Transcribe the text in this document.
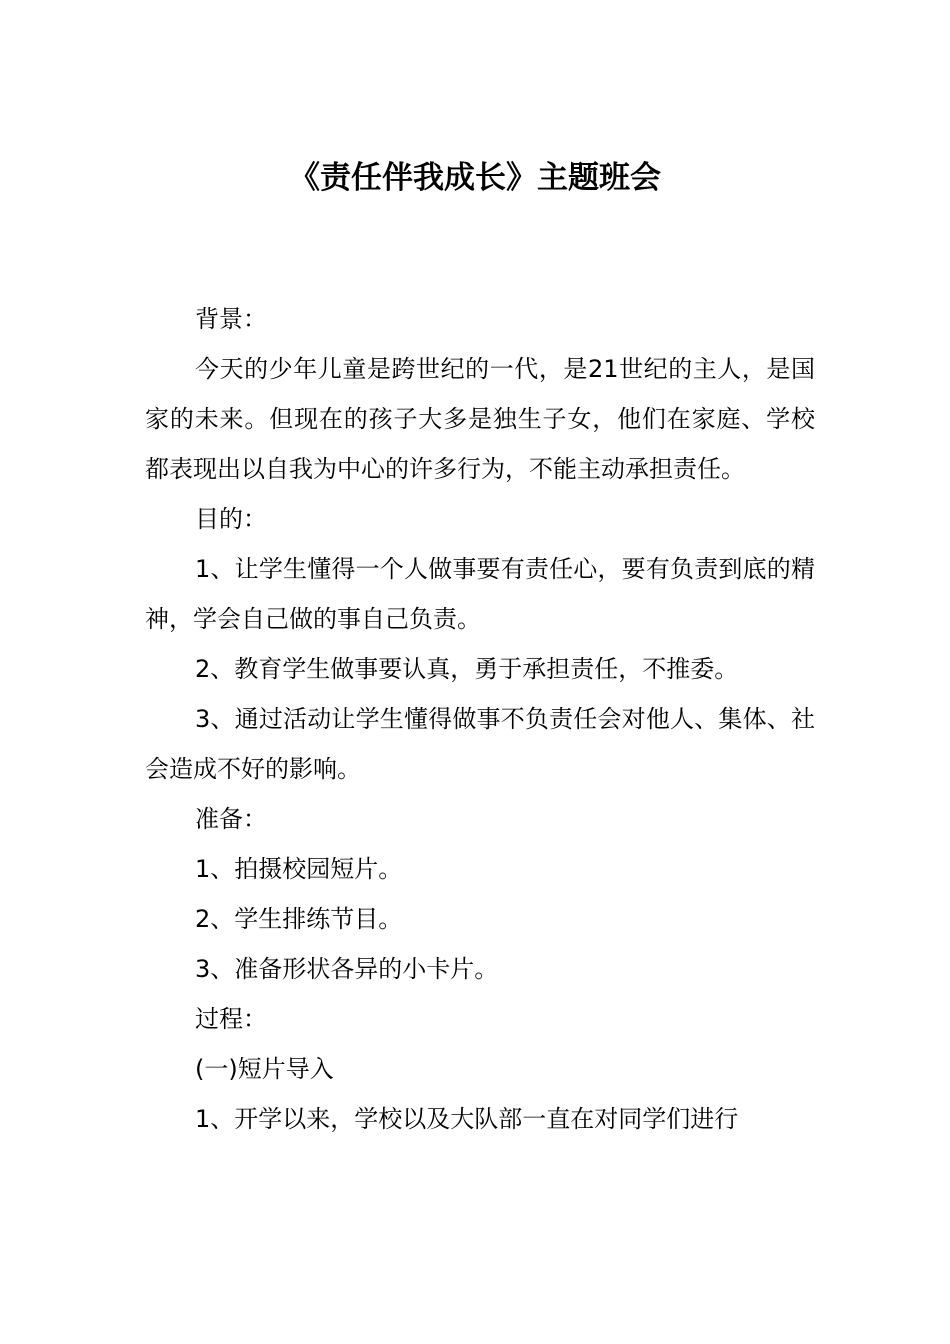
《责任伴我成长》主题班会

背景：

今天的少年儿童是跨世纪的一代，是21世纪的主人，是国家的未来。但现在的孩子大多是独生子女，他们在家庭、学校都表现出以自我为中心的许多行为，不能主动承担责任。

目的：

1、让学生懂得一个人做事要有责任心，要有负责到底的精神，学会自己做的事自己负责。

2、教育学生做事要认真，勇于承担责任，不推委。

3、通过活动让学生懂得做事不负责任会对他人、集体、社会造成不好的影响。

准备：

1、拍摄校园短片。

2、学生排练节目。

3、准备形状各异的小卡片。

过程：

(一)短片导入

1、开学以来，学校以及大队部一直在对同学们进行
